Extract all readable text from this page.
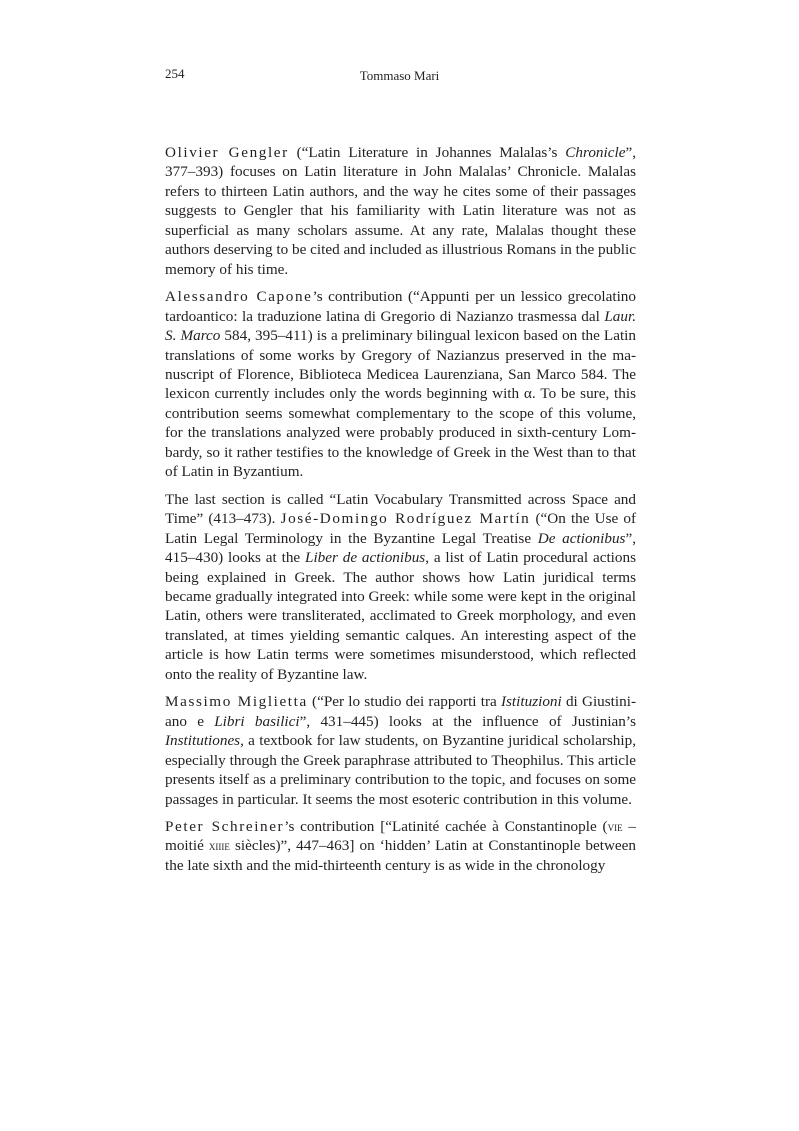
254	Tommaso Mari

Olivier Gengler (“Latin Literature in Johannes Malalas’s Chronicle”, 377–393) focuses on Latin literature in John Malalas’ Chronicle. Malalas refers to thirteen Latin authors, and the way he cites some of their passages suggests to Gengler that his familiarity with Latin literature was not as superficial as many scholars assume. At any rate, Malalas thought these authors deserving to be cited and included as illustrious Romans in the public memory of his time.

Alessandro Capone’s contribution (“Appunti per un lessico grecolatino tardoantico: la traduzione latina di Gregorio di Nazianzo trasmessa dal Laur. S. Marco 584, 395–411) is a preliminary bilingual lexicon based on the Latin translations of some works by Gregory of Nazianzus preserved in the manuscript of Florence, Biblioteca Medicea Laurenziana, San Marco 584. The lexicon currently includes only the words beginning with α. To be sure, this contribution seems somewhat complementary to the scope of this volume, for the translations analyzed were probably produced in sixth-century Lombardy, so it rather testifies to the knowledge of Greek in the West than to that of Latin in Byzantium.

The last section is called “Latin Vocabulary Transmitted across Space and Time” (413–473). José-Domingo Rodríguez Martín (“On the Use of Latin Legal Terminology in the Byzantine Legal Treatise De actionibus”, 415–430) looks at the Liber de actionibus, a list of Latin procedural actions being explained in Greek. The author shows how Latin juridical terms became gradually integrated into Greek: while some were kept in the original Latin, others were transliterated, acclimated to Greek morphology, and even translated, at times yielding semantic calques. An interesting aspect of the article is how Latin terms were sometimes misunderstood, which reflected onto the reality of Byzantine law.

Massimo Miglietta (“Per lo studio dei rapporti tra Istituzioni di Giustiniano e Libri basilici”, 431–445) looks at the influence of Justinian’s Institutiones, a textbook for law students, on Byzantine juridical scholarship, especially through the Greek paraphrase attributed to Theophilus. This article presents itself as a preliminary contribution to the topic, and focuses on some passages in particular. It seems the most esoteric contribution in this volume.

Peter Schreiner’s contribution [“Latinité cachée à Constantinople (vie – moitié xiiie siècles)”, 447–463] on ‘hidden’ Latin at Constantinople between the late sixth and the mid-thirteenth century is as wide in the chronology
